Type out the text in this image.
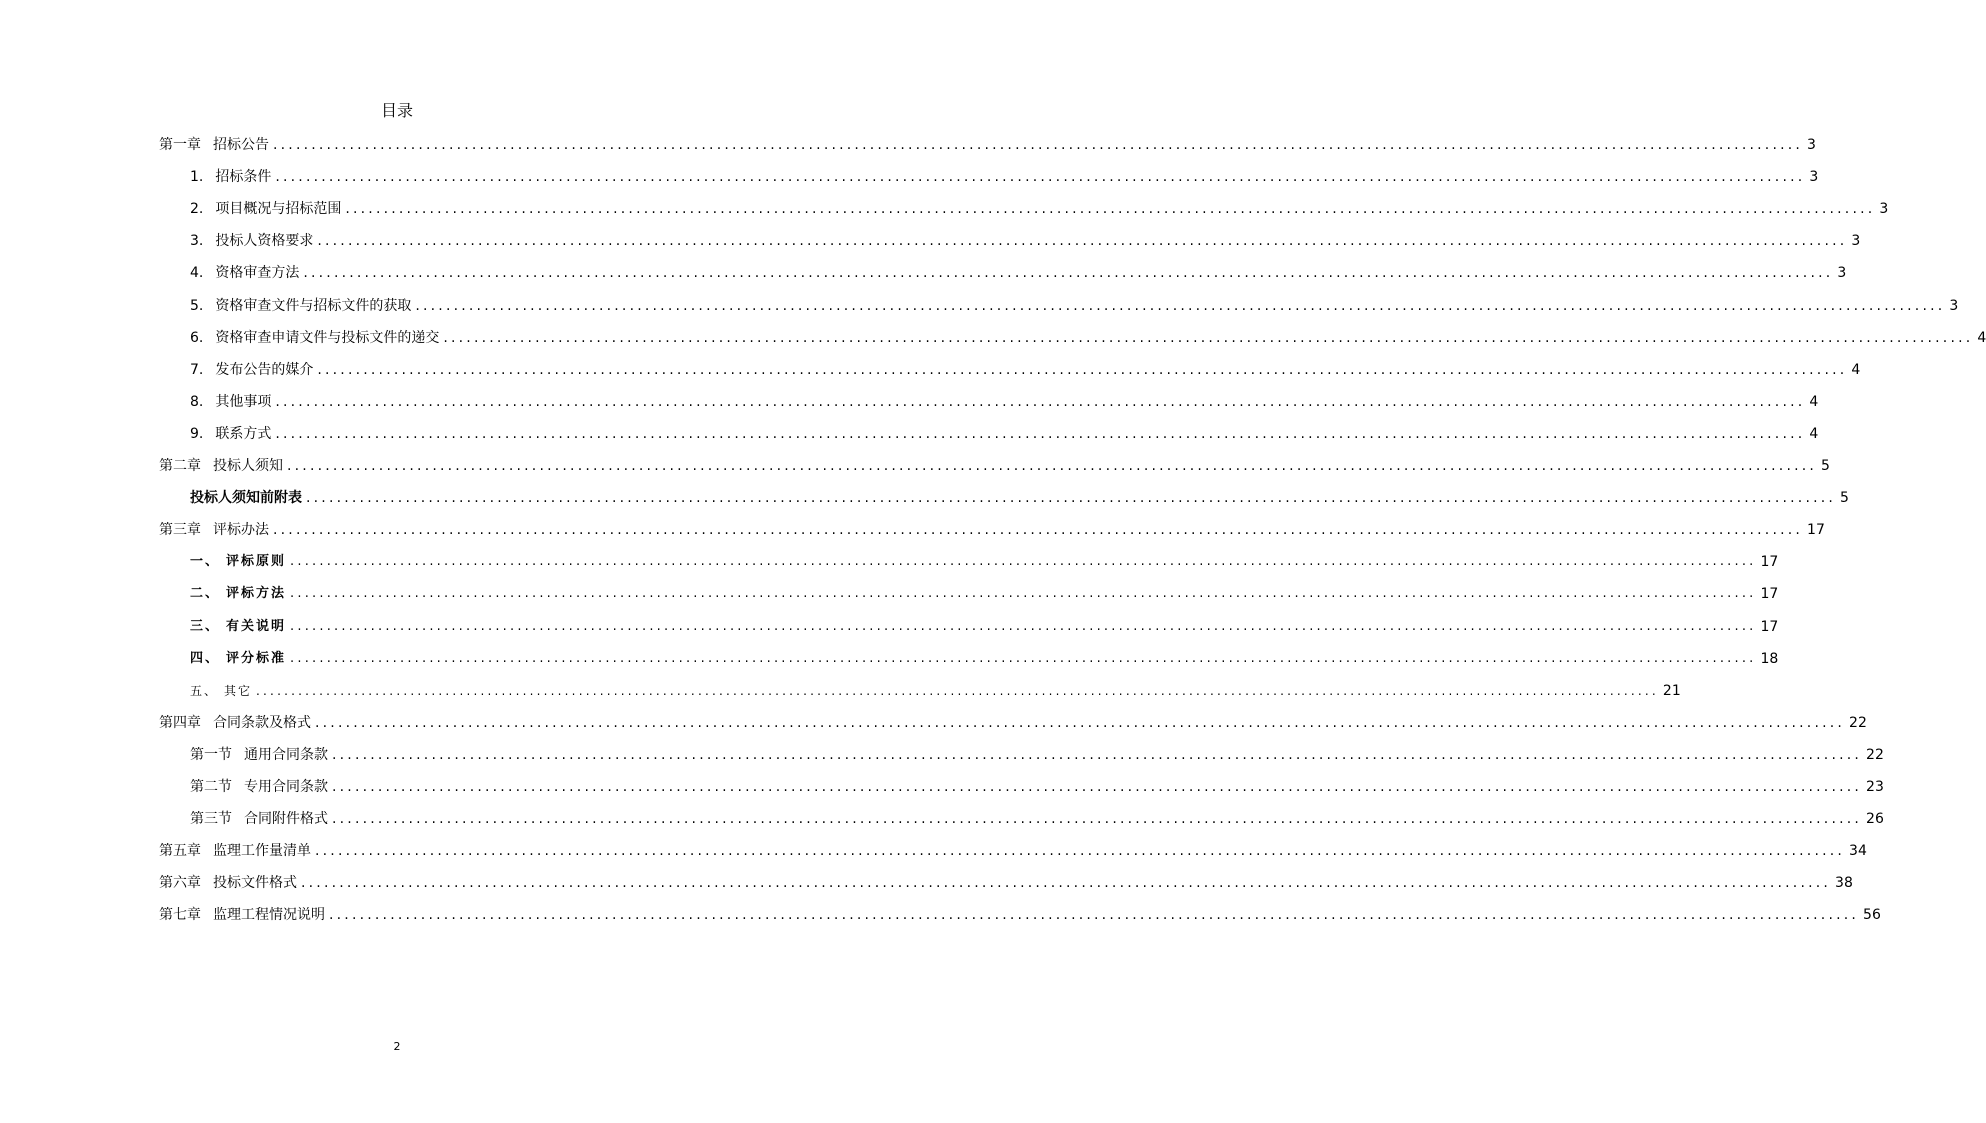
目录
第一章 招标公告 ........................................................................................................................................................................................................ 3
1. 招标条件 ........................................................................................................................................................................................................ 3
2. 项目概况与招标范围 ........................................................................................................................................................................................................ 3
3. 投标人资格要求 ........................................................................................................................................................................................................ 3
4. 资格审查方法 ........................................................................................................................................................................................................ 3
5. 资格审查文件与招标文件的获取 ........................................................................................................................................................................................................ 3
6. 资格审查申请文件与投标文件的递交 ........................................................................................................................................................................................................ 4
7. 发布公告的媒介 ........................................................................................................................................................................................................ 4
8. 其他事项 ........................................................................................................................................................................................................ 4
9. 联系方式 ........................................................................................................................................................................................................ 4
第二章 投标人须知 ........................................................................................................................................................................................................ 5
投标人须知前附表 ........................................................................................................................................................................................................ 5
第三章 评标办法 ........................................................................................................................................................................................................ 17
一、 评标原则 ........................................................................................................................................................................................................ 17
二、 评标方法 ........................................................................................................................................................................................................ 17
三、 有关说明 ........................................................................................................................................................................................................ 17
四、 评分标准 ........................................................................................................................................................................................................ 18
五、 其它 ........................................................................................................................................................................................................ 21
第四章 合同条款及格式 ........................................................................................................................................................................................................ 22
第一节 通用合同条款 ........................................................................................................................................................................................................ 22
第二节 专用合同条款 ........................................................................................................................................................................................................ 23
第三节 合同附件格式 ........................................................................................................................................................................................................ 26
第五章 监理工作量清单 ........................................................................................................................................................................................................ 34
第六章 投标文件格式 ........................................................................................................................................................................................................ 38
第七章 监理工程情况说明 ........................................................................................................................................................................................................ 56
2
